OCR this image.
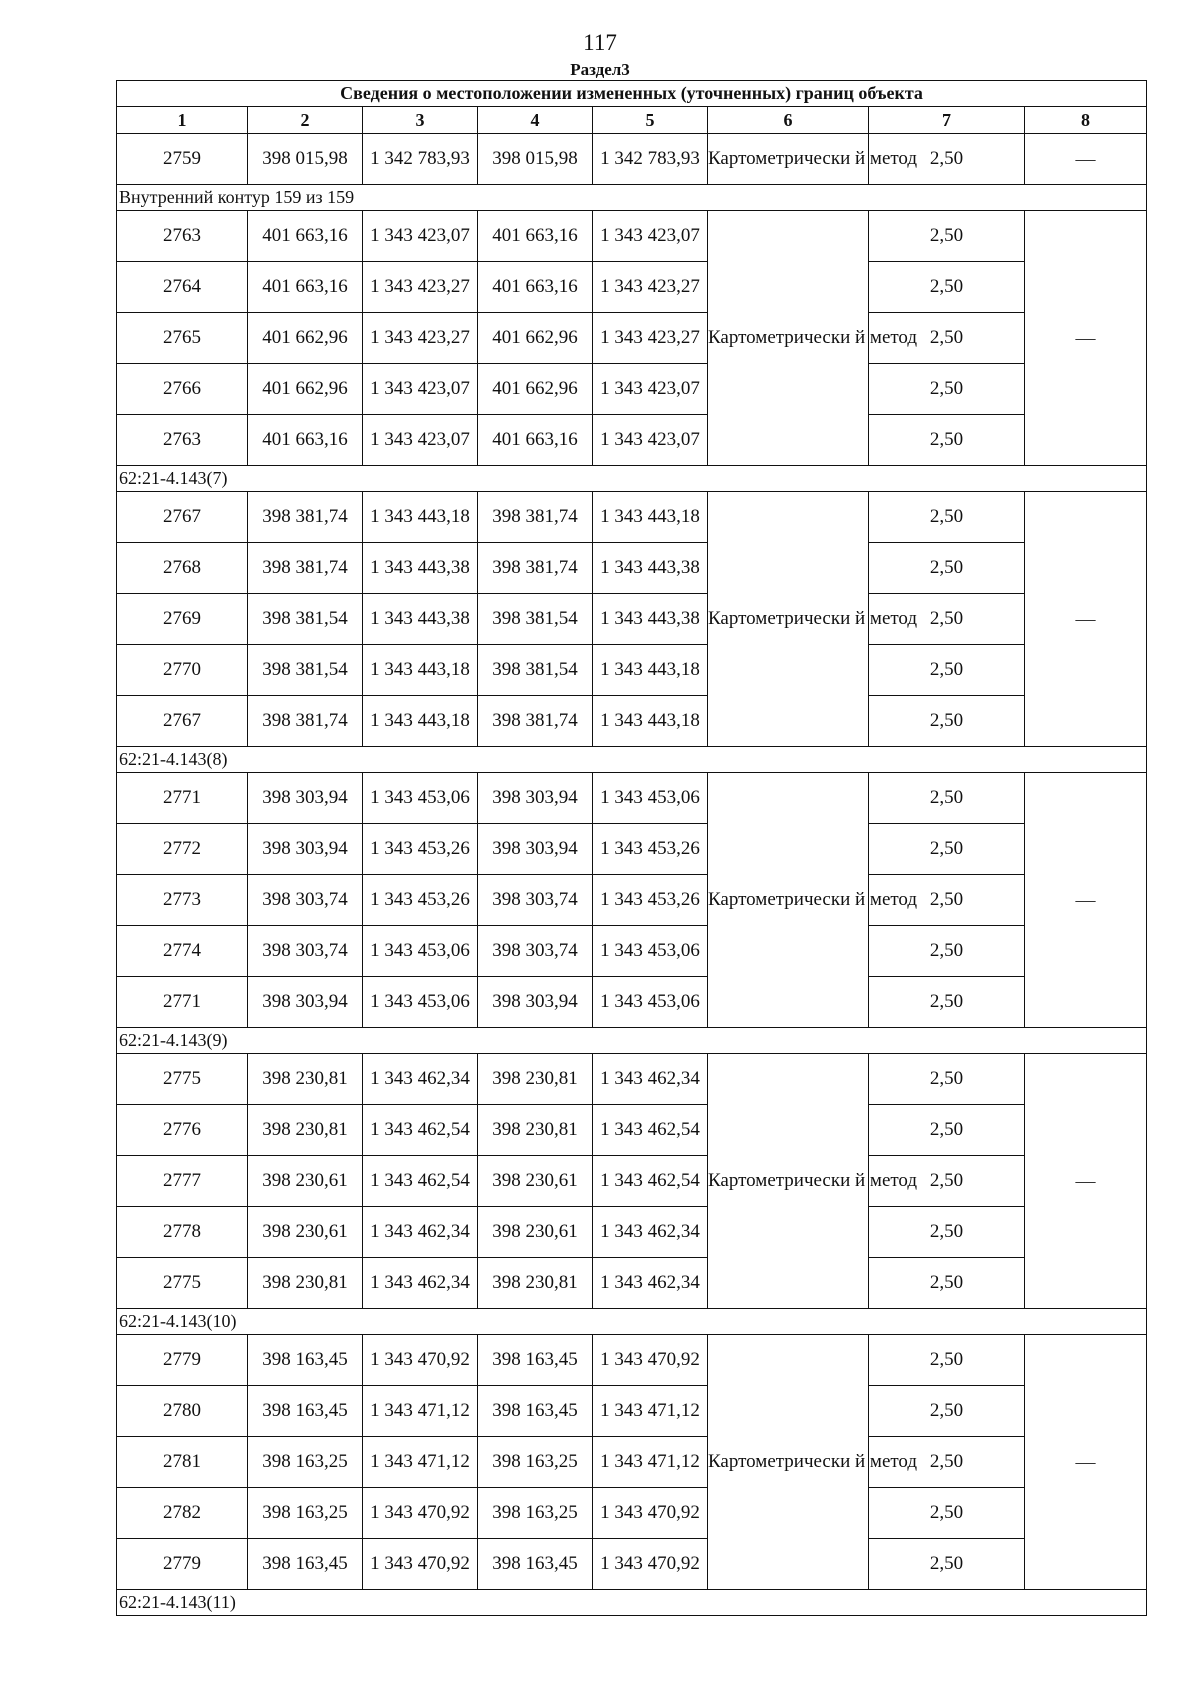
117
Раздел3
Сведения о местоположении измененных (уточненных) границ объекта							
1	2	3	4	5	6	7	8
2759	398 015,98	1 342 783,93	398 015,98	1 342 783,93	Картометрически й метод	2,50	—
Внутренний контур 159 из 159							
2763	401 663,16	1 343 423,07	401 663,16	1 343 423,07	Картометрически й метод	2,50	—
2764	401 663,16	1 343 423,27	401 663,16	1 343 423,27		2,50	
2765	401 662,96	1 343 423,27	401 662,96	1 343 423,27		2,50	
2766	401 662,96	1 343 423,07	401 662,96	1 343 423,07		2,50	
2763	401 663,16	1 343 423,07	401 663,16	1 343 423,07		2,50	
62:21-4.143(7)							
2767	398 381,74	1 343 443,18	398 381,74	1 343 443,18	Картометрически й метод	2,50	—
2768	398 381,74	1 343 443,38	398 381,74	1 343 443,38		2,50	
2769	398 381,54	1 343 443,38	398 381,54	1 343 443,38		2,50	
2770	398 381,54	1 343 443,18	398 381,54	1 343 443,18		2,50	
2767	398 381,74	1 343 443,18	398 381,74	1 343 443,18		2,50	
62:21-4.143(8)							
2771	398 303,94	1 343 453,06	398 303,94	1 343 453,06	Картометрически й метод	2,50	—
2772	398 303,94	1 343 453,26	398 303,94	1 343 453,26		2,50	
2773	398 303,74	1 343 453,26	398 303,74	1 343 453,26		2,50	
2774	398 303,74	1 343 453,06	398 303,74	1 343 453,06		2,50	
2771	398 303,94	1 343 453,06	398 303,94	1 343 453,06		2,50	
62:21-4.143(9)							
2775	398 230,81	1 343 462,34	398 230,81	1 343 462,34	Картометрически й метод	2,50	—
2776	398 230,81	1 343 462,54	398 230,81	1 343 462,54		2,50	
2777	398 230,61	1 343 462,54	398 230,61	1 343 462,54		2,50	
2778	398 230,61	1 343 462,34	398 230,61	1 343 462,34		2,50	
2775	398 230,81	1 343 462,34	398 230,81	1 343 462,34		2,50	
62:21-4.143(10)							
2779	398 163,45	1 343 470,92	398 163,45	1 343 470,92	Картометрически й метод	2,50	—
2780	398 163,45	1 343 471,12	398 163,45	1 343 471,12		2,50	
2781	398 163,25	1 343 471,12	398 163,25	1 343 471,12		2,50	
2782	398 163,25	1 343 470,92	398 163,25	1 343 470,92		2,50	
2779	398 163,45	1 343 470,92	398 163,45	1 343 470,92		2,50	
62:21-4.143(11)							
